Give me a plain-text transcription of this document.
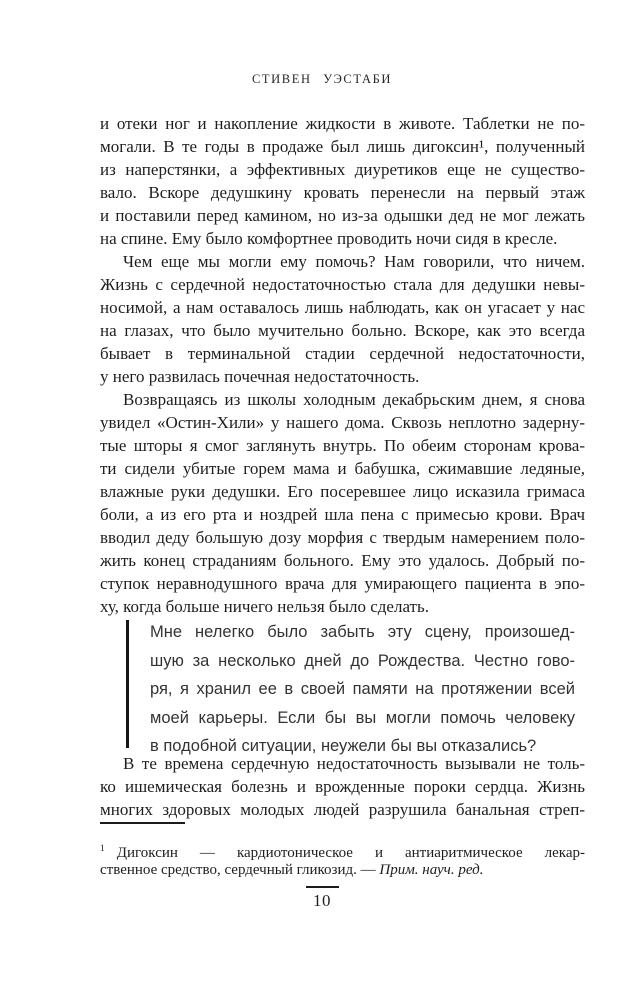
СТИВЕН УЭСТАБИ
и отеки ног и накопление жидкости в животе. Таблетки не по-
могали. В те годы в продаже был лишь дигоксин¹, полученный
из наперстянки, а эффективных диуретиков еще не существо-
вало. Вскоре дедушкину кровать перенесли на первый этаж
и поставили перед камином, но из-за одышки дед не мог лежать
на спине. Ему было комфортнее проводить ночи сидя в кресле.
Чем еще мы могли ему помочь? Нам говорили, что ничем.
Жизнь с сердечной недостаточностью стала для дедушки невы-
носимой, а нам оставалось лишь наблюдать, как он угасает у нас
на глазах, что было мучительно больно. Вскоре, как это всегда
бывает в терминальной стадии сердечной недостаточности,
у него развилась почечная недостаточность.
Возвращаясь из школы холодным декабрьским днем, я снова
увидел «Остин-Хили» у нашего дома. Сквозь неплотно задерну-
тые шторы я смог заглянуть внутрь. По обеим сторонам крова-
ти сидели убитые горем мама и бабушка, сжимавшие ледяные,
влажные руки дедушки. Его посеревшее лицо исказила гримаса
боли, а из его рта и ноздрей шла пена с примесью крови. Врач
вводил деду большую дозу морфия с твердым намерением поло-
жить конец страданиям больного. Ему это удалось. Добрый по-
ступок неравнодушного врача для умирающего пациента в эпо-
ху, когда больше ничего нельзя было сделать.
Мне нелегко было забыть эту сцену, произошед-
шую за несколько дней до Рождества. Честно гово-
ря, я хранил ее в своей памяти на протяжении всей
моей карьеры. Если бы вы могли помочь человеку
в подобной ситуации, неужели бы вы отказались?
В те времена сердечную недостаточность вызывали не толь-
ко ишемическая болезнь и врожденные пороки сердца. Жизнь
многих здоровых молодых людей разрушила банальная стреп-
$^1$ Дигоксин — кардиотоническое и антиаритмическое лекар-
ственное средство, сердечный гликозид. — Прим. науч. ред.
10
